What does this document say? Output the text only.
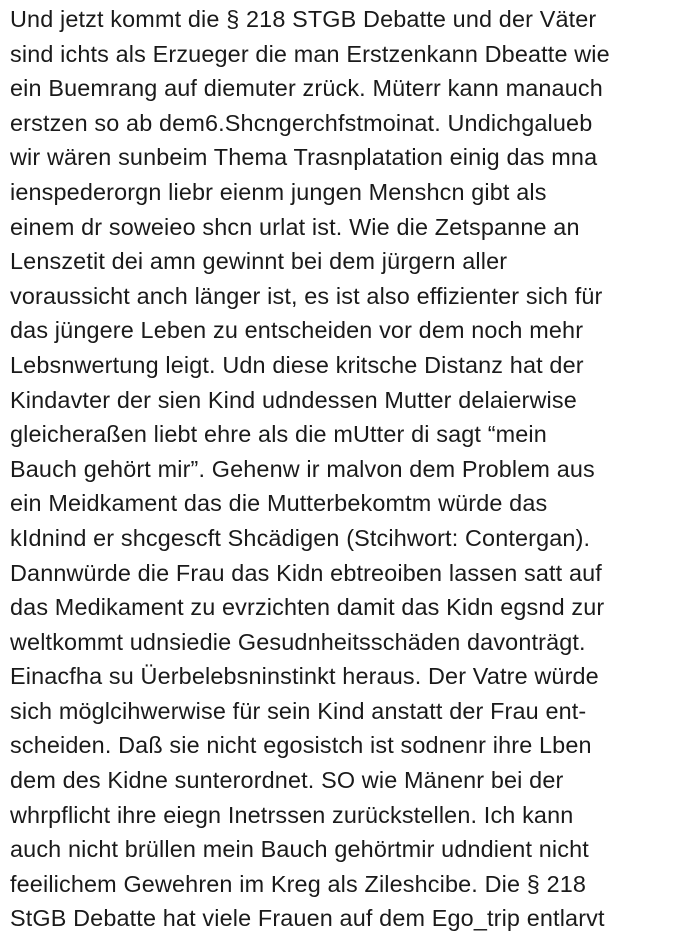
Und jetzt kommt die § 218 STGB Debatte und der Väter
sind ichts als Erzueger die man Erstzenkann Dbeatte wie
ein Buemrang auf diemuter zrück. Müterr kann manauch
erstzen so ab dem6.Shcngerchfstmoinat. Undichgalueb
wir wären sunbeim Thema Trasnplatation einig das mna
ienspederorgn liebr eienm jungen Menshcn gibt als
einem dr soweieo shcn urlat ist. Wie die Zetspanne an
Lenszetit dei amn gewinnt bei dem jürgern aller
voraussicht anch länger ist, es ist also effizienter sich für
das jüngere Leben zu entscheiden vor dem noch mehr
Lebsnwertung leigt. Udn diese kritsche Distanz hat der
Kindavter der sien Kind udndessen Mutter delaierwise
gleicheraßen liebt ehre als die mUtter di sagt “mein
Bauch gehört mir”. Gehenw ir malvon dem Problem aus
ein Meidkament das die Mutterbekomtm würde das
kIdnind er shcgescft Shcädigen (Stcihwort: Contergan).
Dannwürde die Frau das Kidn ebtreoiben lassen satt auf
das Medikament zu evrzichten damit das Kidn egsnd zur
weltkommt udnsiedie Gesudnheitsschäden davonträgt.
Einacfha su Üerbelebsninstinkt heraus. Der Vatre würde
sich möglcihwerwise für sein Kind anstatt der Frau ent-
scheiden. Daß sie nicht egosistch ist sodnenr ihre Lben
dem des Kidne sunterordnet. SO wie Mänenr bei der
whrpflicht ihre eiegn Inetrssen zurückstellen. Ich kann
auch nicht brüllen mein Bauch gehörtmir udndient nicht
feeilichem Gewehren im Kreg als Zileshcibe. Die § 218
StGB Debatte hat viele Frauen auf dem Ego_trip entlarvt
